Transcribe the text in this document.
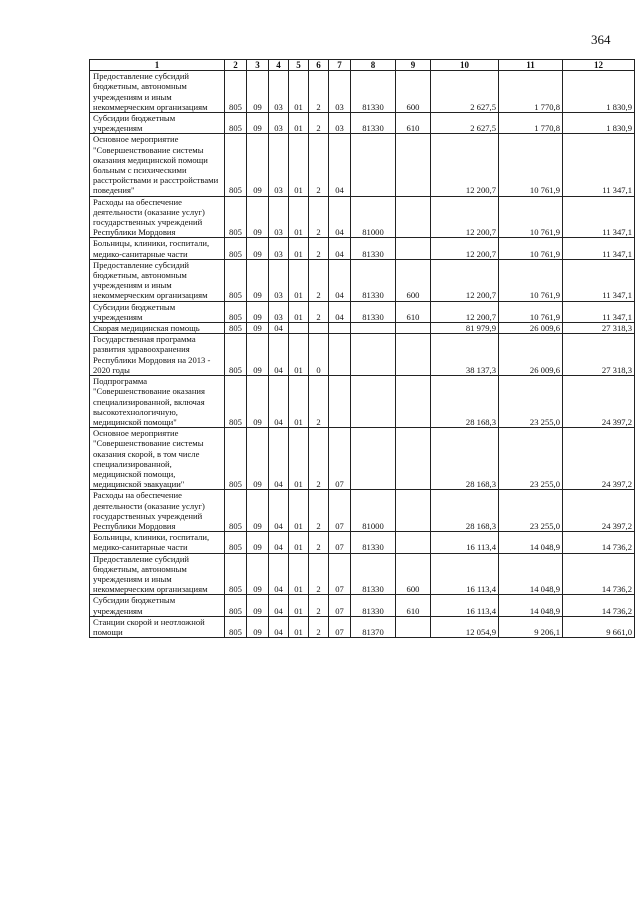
364
1	2	3	4	5	6	7	8	9	10	11	12
Предоставление субсидий бюджетным, автономным учреждениям и иным некоммерческим организациям	805	09	03	01	2	03	81330	600	2 627,5	1 770,8	1 830,9
Субсидии бюджетным учреждениям	805	09	03	01	2	03	81330	610	2 627,5	1 770,8	1 830,9
Основное мероприятие "Совершенствование системы оказания медицинской помощи больным с психическими расстройствами и расстройствами поведения"	805	09	03	01	2	04			12 200,7	10 761,9	11 347,1
Расходы на обеспечение деятельности (оказание услуг) государственных учреждений Республики Мордовия	805	09	03	01	2	04	81000		12 200,7	10 761,9	11 347,1
Больницы, клиники, госпитали, медико-санитарные части	805	09	03	01	2	04	81330		12 200,7	10 761,9	11 347,1
Предоставление субсидий бюджетным, автономным учреждениям и иным некоммерческим организациям	805	09	03	01	2	04	81330	600	12 200,7	10 761,9	11 347,1
Субсидии бюджетным учреждениям	805	09	03	01	2	04	81330	610	12 200,7	10 761,9	11 347,1
Скорая медицинская помощь	805	09	04						81 979,9	26 009,6	27 318,3
Государственная программа развития здравоохранения Республики Мордовия на 2013 - 2020 годы	805	09	04	01	0				38 137,3	26 009,6	27 318,3
Подпрограмма "Совершенствование оказания специализированной, включая высокотехнологичную, медицинской помощи"	805	09	04	01	2				28 168,3	23 255,0	24 397,2
Основное мероприятие "Совершенствование системы оказания скорой, в том числе специализированной, медицинской помощи, медицинской эвакуации"	805	09	04	01	2	07			28 168,3	23 255,0	24 397,2
Расходы на обеспечение деятельности (оказание услуг) государственных учреждений Республики Мордовия	805	09	04	01	2	07	81000		28 168,3	23 255,0	24 397,2
Больницы, клиники, госпитали, медико-санитарные части	805	09	04	01	2	07	81330		16 113,4	14 048,9	14 736,2
Предоставление субсидий бюджетным, автономным учреждениям и иным некоммерческим организациям	805	09	04	01	2	07	81330	600	16 113,4	14 048,9	14 736,2
Субсидии бюджетным учреждениям	805	09	04	01	2	07	81330	610	16 113,4	14 048,9	14 736,2
Станции скорой и неотложной помощи	805	09	04	01	2	07	81370		12 054,9	9 206,1	9 661,0
